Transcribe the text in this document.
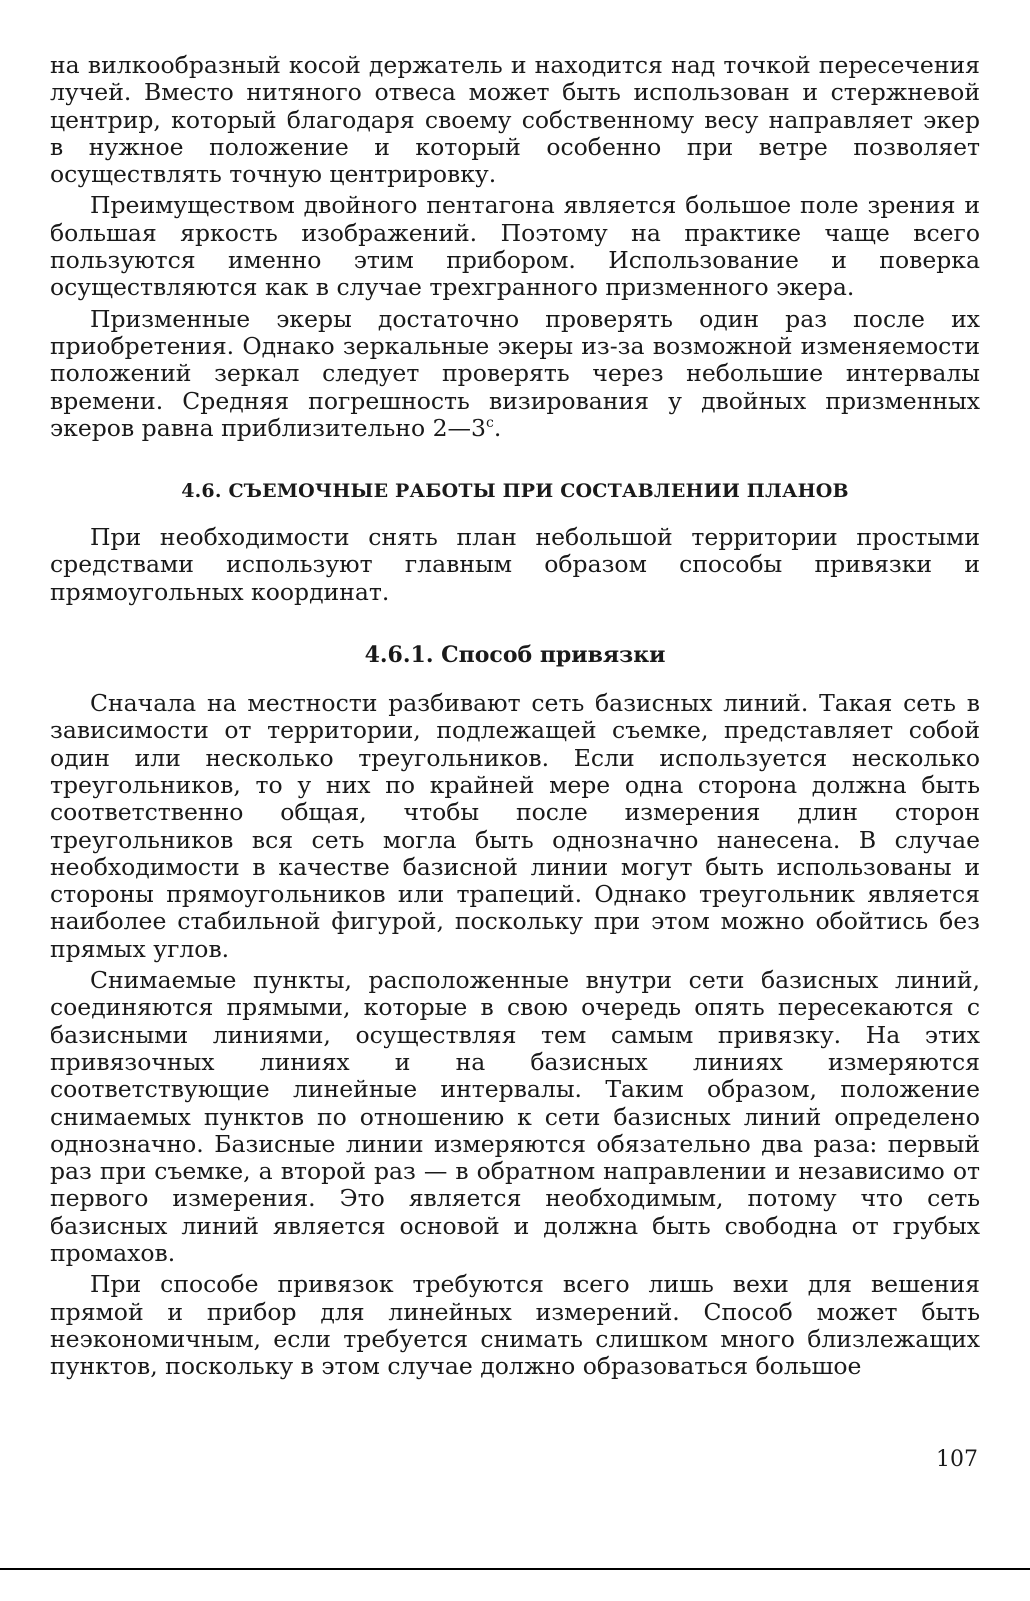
на вилкообразный косой держатель и находится над точкой пересечения лучей. Вместо нитяного отвеса может быть использован и стержневой центрир, который благодаря своему собственному весу направляет экер в нужное положение и который особенно при ветре позволяет осуществлять точную центрировку.

Преимуществом двойного пентагона является большое поле зрения и большая яркость изображений. Поэтому на практике чаще всего пользуются именно этим прибором. Использование и поверка осуществляются как в случае трехгранного призменного экера.

Призменные экеры достаточно проверять один раз после их приобретения. Однако зеркальные экеры из-за возможной изменяемости положений зеркал следует проверять через небольшие интервалы времени. Средняя погрешность визирования у двойных призменных экеров равна приблизительно 2—3$^c$.

4.6. СЪЕМОЧНЫЕ РАБОТЫ ПРИ СОСТАВЛЕНИИ ПЛАНОВ

При необходимости снять план небольшой территории простыми средствами используют главным образом способы привязки и прямоугольных координат.

4.6.1. Способ привязки

Сначала на местности разбивают сеть базисных линий. Такая сеть в зависимости от территории, подлежащей съемке, представляет собой один или несколько треугольников. Если используется несколько треугольников, то у них по крайней мере одна сторона должна быть соответственно общая, чтобы после измерения длин сторон треугольников вся сеть могла быть однозначно нанесена. В случае необходимости в качестве базисной линии могут быть использованы и стороны прямоугольников или трапеций. Однако треугольник является наиболее стабильной фигурой, поскольку при этом можно обойтись без прямых углов.

Снимаемые пункты, расположенные внутри сети базисных линий, соединяются прямыми, которые в свою очередь опять пересекаются с базисными линиями, осуществляя тем самым привязку. На этих привязочных линиях и на базисных линиях измеряются соответствующие линейные интервалы. Таким образом, положение снимаемых пунктов по отношению к сети базисных линий определено однозначно. Базисные линии измеряются обязательно два раза: первый раз при съемке, а второй раз — в обратном направлении и независимо от первого измерения. Это является необходимым, потому что сеть базисных линий является основой и должна быть свободна от грубых промахов.

При способе привязок требуются всего лишь вехи для вешения прямой и прибор для линейных измерений. Способ может быть неэкономичным, если требуется снимать слишком много близлежащих пунктов, поскольку в этом случае должно образоваться большое

107
